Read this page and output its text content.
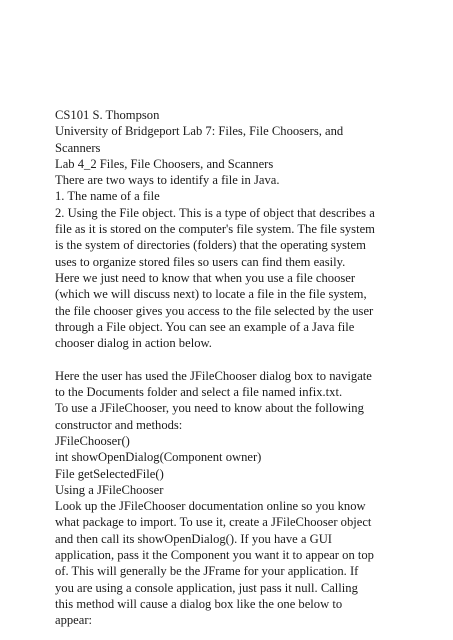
CS101 S. Thompson
University of Bridgeport Lab 7: Files, File Choosers, and
Scanners
Lab 4_2 Files, File Choosers, and Scanners
There are two ways to identify a file in Java.
1. The name of a file
2. Using the File object. This is a type of object that describes a
file as it is stored on the computer's file system. The file system
is the system of directories (folders) that the operating system
uses to organize stored files so users can find them easily.
Here we just need to know that when you use a file chooser
(which we will discuss next) to locate a file in the file system,
the file chooser gives you access to the file selected by the user
through a File object. You can see an example of a Java file
chooser dialog in action below.
Here the user has used the JFileChooser dialog box to navigate
to the Documents folder and select a file named infix.txt.
To use a JFileChooser, you need to know about the following
constructor and methods:
JFileChooser()
int showOpenDialog(Component owner)
File getSelectedFile()
Using a JFileChooser
Look up the JFileChooser documentation online so you know
what package to import. To use it, create a JFileChooser object
and then call its showOpenDialog(). If you have a GUI
application, pass it the Component you want it to appear on top
of. This will generally be the JFrame for your application. If
you are using a console application, just pass it null. Calling
this method will cause a dialog box like the one below to
appear:
